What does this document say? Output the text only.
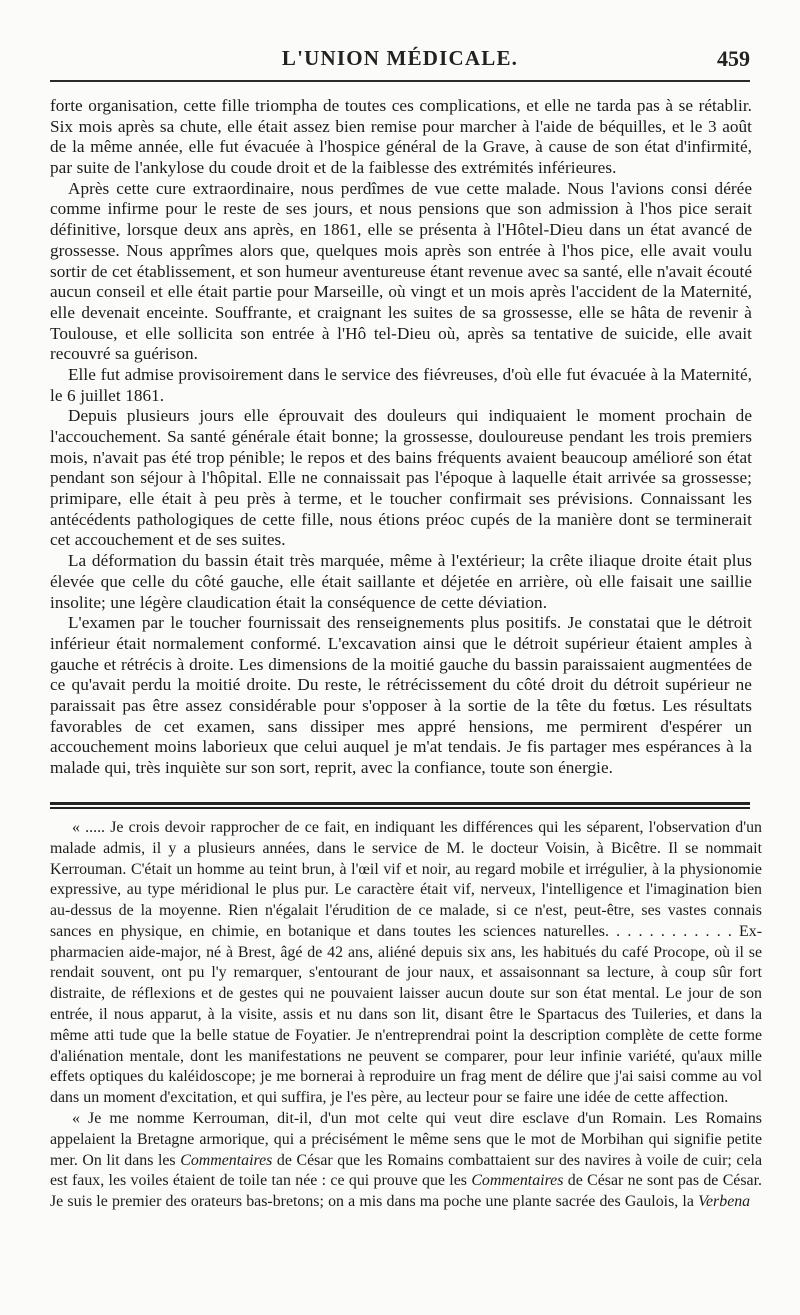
L'UNION MÉDICALE.	459

forte organisation, cette fille triompha de toutes ces complications, et elle ne tarda pas à se rétablir. Six mois après sa chute, elle était assez bien remise pour marcher à l'aide de béquilles, et le 3 août de la même année, elle fut évacuée à l'hospice général de la Grave, à cause de son état d'infirmité, par suite de l'ankylose du coude droit et de la faiblesse des extrémités inférieures.

Après cette cure extraordinaire, nous perdîmes de vue cette malade. Nous l'avions consi dérée comme infirme pour le reste de ses jours, et nous pensions que son admission à l'hos pice serait définitive, lorsque deux ans après, en 1861, elle se présenta à l'Hôtel-Dieu dans un état avancé de grossesse. Nous apprîmes alors que, quelques mois après son entrée à l'hos pice, elle avait voulu sortir de cet établissement, et son humeur aventureuse étant revenue avec sa santé, elle n'avait écouté aucun conseil et elle était partie pour Marseille, où vingt et un mois après l'accident de la Maternité, elle devenait enceinte. Souffrante, et craignant les suites de sa grossesse, elle se hâta de revenir à Toulouse, et elle sollicita son entrée à l'Hô tel-Dieu où, après sa tentative de suicide, elle avait recouvré sa guérison.

Elle fut admise provisoirement dans le service des fiévreuses, d'où elle fut évacuée à la Maternité, le 6 juillet 1861.

Depuis plusieurs jours elle éprouvait des douleurs qui indiquaient le moment prochain de l'accouchement. Sa santé générale était bonne; la grossesse, douloureuse pendant les trois premiers mois, n'avait pas été trop pénible; le repos et des bains fréquents avaient beaucoup amélioré son état pendant son séjour à l'hôpital. Elle ne connaissait pas l'époque à laquelle était arrivée sa grossesse; primipare, elle était à peu près à terme, et le toucher confirmait ses prévisions. Connaissant les antécédents pathologiques de cette fille, nous étions préoc cupés de la manière dont se terminerait cet accouchement et de ses suites.

La déformation du bassin était très marquée, même à l'extérieur; la crête iliaque droite était plus élevée que celle du côté gauche, elle était saillante et déjetée en arrière, où elle faisait une saillie insolite; une légère claudication était la conséquence de cette déviation.

L'examen par le toucher fournissait des renseignements plus positifs. Je constatai que le détroit inférieur était normalement conformé. L'excavation ainsi que le détroit supérieur étaient amples à gauche et rétrécis à droite. Les dimensions de la moitié gauche du bassin paraissaient augmentées de ce qu'avait perdu la moitié droite. Du reste, le rétrécissement du côté droit du détroit supérieur ne paraissait pas être assez considérable pour s'opposer à la sortie de la tête du fœtus. Les résultats favorables de cet examen, sans dissiper mes appré hensions, me permirent d'espérer un accouchement moins laborieux que celui auquel je m'at tendais. Je fis partager mes espérances à la malade qui, très inquiète sur son sort, reprit, avec la confiance, toute son énergie.

« ..... Je crois devoir rapprocher de ce fait, en indiquant les différences qui les séparent, l'observation d'un malade admis, il y a plusieurs années, dans le service de M. le docteur Voisin, à Bicêtre. Il se nommait Kerrouman. C'était un homme au teint brun, à l'œil vif et noir, au regard mobile et irrégulier, à la physionomie expressive, au type méridional le plus pur. Le caractère était vif, nerveux, l'intelligence et l'imagination bien au-dessus de la moyenne. Rien n'égalait l'érudition de ce malade, si ce n'est, peut-être, ses vastes connais sances en physique, en chimie, en botanique et dans toutes les sciences naturelles. . . . . . . . . . . . Ex-pharmacien aide-major, né à Brest, âgé de 42 ans, aliéné depuis six ans, les habitués du café Procope, où il se rendait souvent, ont pu l'y remarquer, s'entourant de jour naux, et assaisonnant sa lecture, à coup sûr fort distraite, de réflexions et de gestes qui ne pouvaient laisser aucun doute sur son état mental. Le jour de son entrée, il nous apparut, à la visite, assis et nu dans son lit, disant être le Spartacus des Tuileries, et dans la même atti tude que la belle statue de Foyatier. Je n'entreprendrai point la description complète de cette forme d'aliénation mentale, dont les manifestations ne peuvent se comparer, pour leur infinie variété, qu'aux mille effets optiques du kaléidoscope; je me bornerai à reproduire un frag ment de délire que j'ai saisi comme au vol dans un moment d'excitation, et qui suffira, je l'es père, au lecteur pour se faire une idée de cette affection.

« Je me nomme Kerrouman, dit-il, d'un mot celte qui veut dire esclave d'un Romain. Les Romains appelaient la Bretagne armorique, qui a précisément le même sens que le mot de Morbihan qui signifie petite mer. On lit dans les Commentaires de César que les Romains combattaient sur des navires à voile de cuir; cela est faux, les voiles étaient de toile tan née : ce qui prouve que les Commentaires de César ne sont pas de César. Je suis le premier des orateurs bas-bretons; on a mis dans ma poche une plante sacrée des Gaulois, la Verbena
